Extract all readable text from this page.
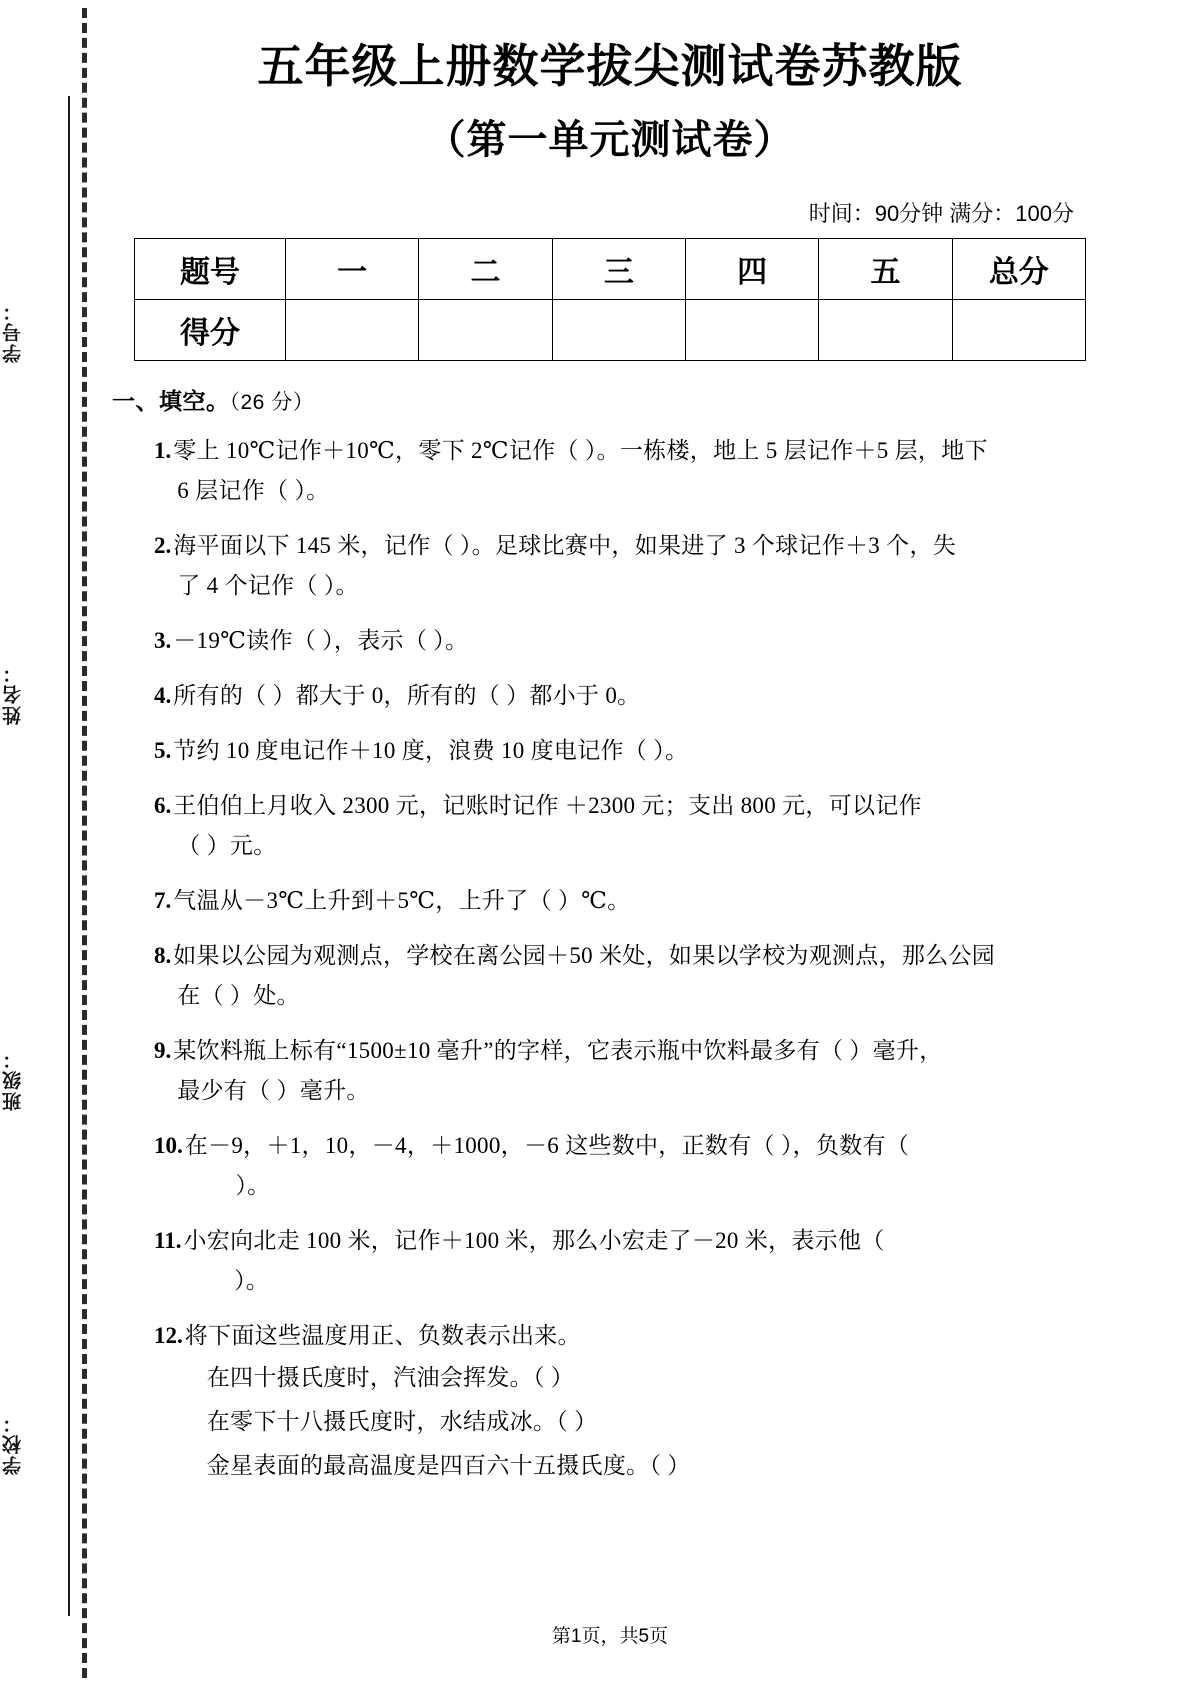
学号：
姓名：
班级：
学校：
五年级上册数学拔尖测试卷苏教版
（第一单元测试卷）
时间：90分钟 满分：100分
题号	一	二	三	四	五	总分
得分						
一、填空。（26 分）
1. 零上 10℃记作＋10℃，零下 2℃记作（ ）。一栋楼，地上 5 层记作＋5 层，地下
6 层记作（ ）。
2. 海平面以下 145 米，记作（ ）。足球比赛中，如果进了 3 个球记作＋3 个，失
了 4 个记作（ ）。
3. －19℃读作（ ），表示（ ）。
4. 所有的（ ）都大于 0，所有的（ ）都小于 0。
5. 节约 10 度电记作＋10 度，浪费 10 度电记作（ ）。
6. 王伯伯上月收入 2300 元，记账时记作 ＋2300 元；支出 800 元，可以记作
（ ）元。
7. 气温从－3℃上升到＋5℃，上升了（ ）℃。
8. 如果以公园为观测点，学校在离公园＋50 米处，如果以学校为观测点，那么公园
在（ ）处。
9. 某饮料瓶上标有“1500±10 毫升”的字样，它表示瓶中饮料最多有（ ）毫升，
最少有（ ）毫升。
10. 在－9，＋1，10，－4，＋1000，－6 这些数中，正数有（ ），负数有（
　　）。
11. 小宏向北走 100 米，记作＋100 米，那么小宏走了－20 米，表示他（
　　）。
12. 将下面这些温度用正、负数表示出来。
在四十摄氏度时，汽油会挥发。（ ）
在零下十八摄氏度时，水结成冰。（ ）
金星表面的最高温度是四百六十五摄氏度。（ ）
第1页，共5页
